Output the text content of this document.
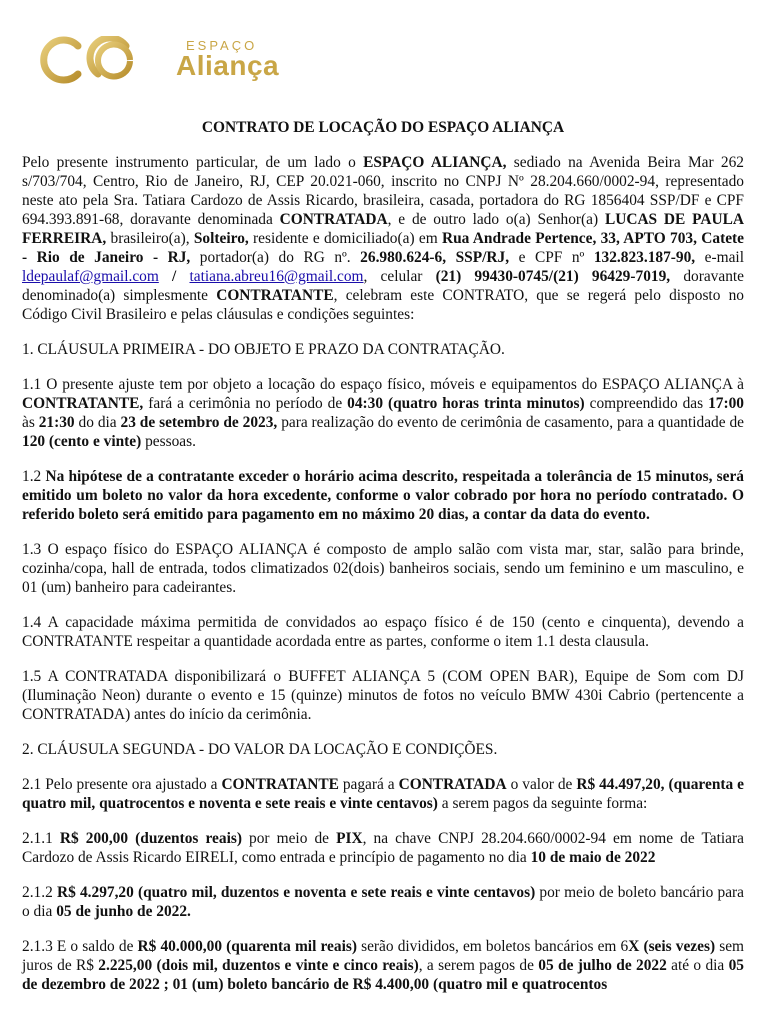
ESPAÇO
Aliança
CONTRATO DE LOCAÇÃO DO ESPAÇO ALIANÇA

Pelo presente instrumento particular, de um lado o ESPAÇO ALIANÇA, sediado na Avenida Beira Mar 262 s/703/704, Centro, Rio de Janeiro, RJ, CEP 20.021-060, inscrito no CNPJ Nº 28.204.660/0002-94, representado neste ato pela Sra. Tatiara Cardozo de Assis Ricardo, brasileira, casada, portadora do RG 1856404 SSP/DF e CPF 694.393.891-68, doravante denominada CONTRATADA, e de outro lado o(a) Senhor(a) LUCAS DE PAULA FERREIRA, brasileiro(a), Solteiro, residente e domiciliado(a) em Rua Andrade Pertence, 33, APTO 703, Catete - Rio de Janeiro - RJ, portador(a) do RG nº. 26.980.624-6, SSP/RJ, e CPF nº 132.823.187-90, e-mail ldepaulaf@gmail.com / tatiana.abreu16@gmail.com, celular (21) 99430-0745/(21) 96429-7019, doravante denominado(a) simplesmente CONTRATANTE, celebram este CONTRATO, que se regerá pelo disposto no Código Civil Brasileiro e pelas cláusulas e condições seguintes:

1. CLÁUSULA PRIMEIRA - DO OBJETO E PRAZO DA CONTRATAÇÃO.

1.1 O presente ajuste tem por objeto a locação do espaço físico, móveis e equipamentos do ESPAÇO ALIANÇA à CONTRATANTE, fará a cerimônia no período de 04:30 (quatro horas trinta minutos) compreendido das 17:00 às 21:30 do dia 23 de setembro de 2023, para realização do evento de cerimônia de casamento, para a quantidade de 120 (cento e vinte) pessoas.

1.2 Na hipótese de a contratante exceder o horário acima descrito, respeitada a tolerância de 15 minutos, será emitido um boleto no valor da hora excedente, conforme o valor cobrado por hora no período contratado. O referido boleto será emitido para pagamento em no máximo 20 dias, a contar da data do evento.

1.3 O espaço físico do ESPAÇO ALIANÇA é composto de amplo salão com vista mar, star, salão para brinde, cozinha/copa, hall de entrada, todos climatizados 02(dois) banheiros sociais, sendo um feminino e um masculino, e 01 (um) banheiro para cadeirantes.

1.4 A capacidade máxima permitida de convidados ao espaço físico é de 150 (cento e cinquenta), devendo a CONTRATANTE respeitar a quantidade acordada entre as partes, conforme o item 1.1 desta clausula.

1.5 A CONTRATADA disponibilizará o BUFFET ALIANÇA 5 (COM OPEN BAR), Equipe de Som com DJ (Iluminação Neon) durante o evento e 15 (quinze) minutos de fotos no veículo BMW 430i Cabrio (pertencente a CONTRATADA) antes do início da cerimônia.

2. CLÁUSULA SEGUNDA - DO VALOR DA LOCAÇÃO E CONDIÇÕES.

2.1 Pelo presente ora ajustado a CONTRATANTE pagará a CONTRATADA o valor de R$ 44.497,20, (quarenta e quatro mil, quatrocentos e noventa e sete reais e vinte centavos) a serem pagos da seguinte forma:

2.1.1 R$ 200,00 (duzentos reais) por meio de PIX, na chave CNPJ 28.204.660/0002-94 em nome de Tatiara Cardozo de Assis Ricardo EIRELI, como entrada e princípio de pagamento no dia 10 de maio de 2022

2.1.2 R$ 4.297,20 (quatro mil, duzentos e noventa e sete reais e vinte centavos) por meio de boleto bancário para o dia 05 de junho de 2022.

2.1.3 E o saldo de R$ 40.000,00 (quarenta mil reais) serão divididos, em boletos bancários em 6X (seis vezes) sem juros de R$ 2.225,00 (dois mil, duzentos e vinte e cinco reais), a serem pagos de 05 de julho de 2022 até o dia 05 de dezembro de 2022 ; 01 (um) boleto bancário de R$ 4.400,00 (quatro mil e quatrocentos
